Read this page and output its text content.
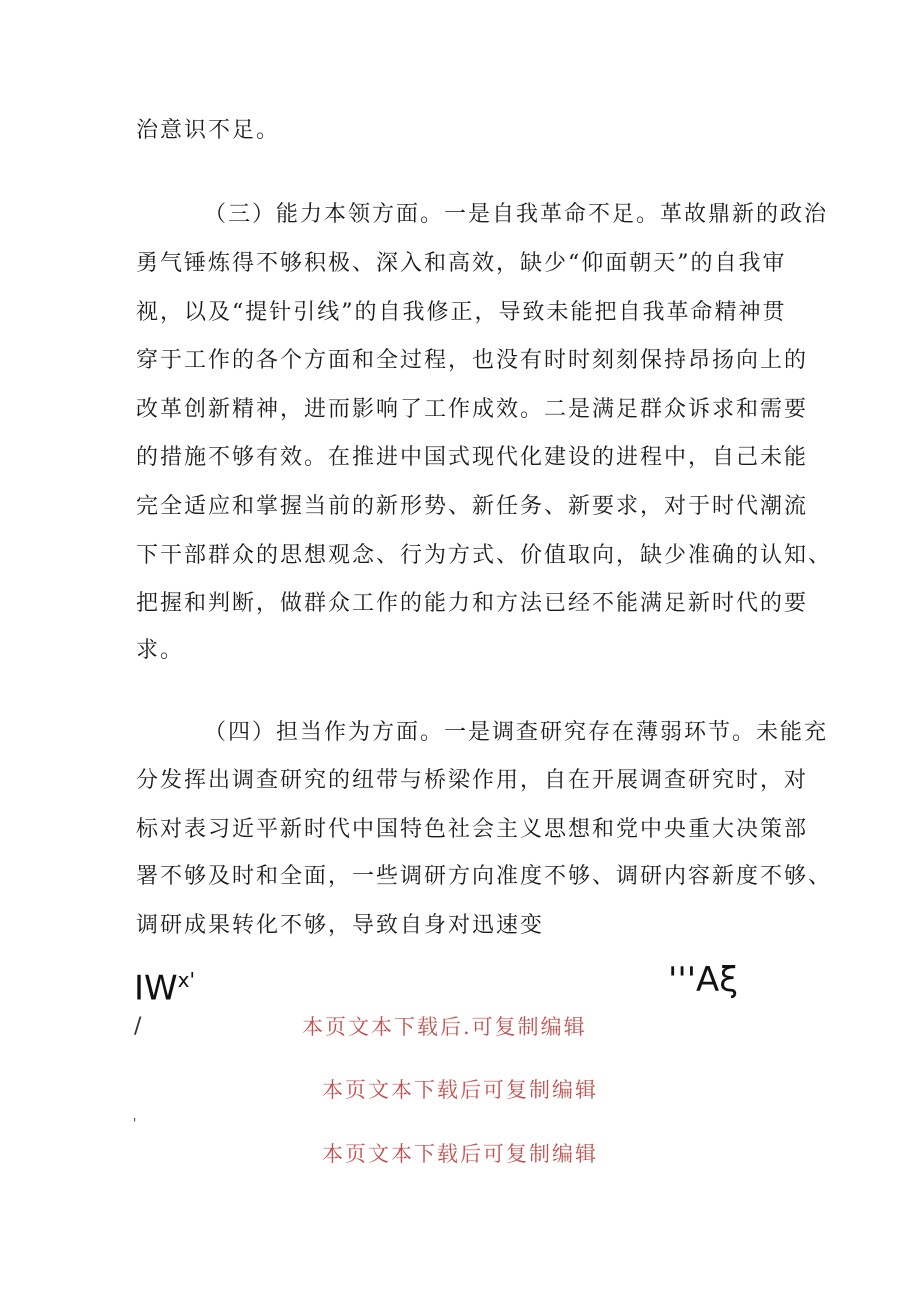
治意识不足。
（三）能力本领方面。一是自我革命不足。革故鼎新的政治
勇气锤炼得不够积极、深入和高效，缺少“仰面朝天”的自我审
视，以及“提针引线”的自我修正，导致未能把自我革命精神贯
穿于工作的各个方面和全过程，也没有时时刻刻保持昂扬向上的
改革创新精神，进而影响了工作成效。二是满足群众诉求和需要
的措施不够有效。在推进中国式现代化建设的进程中，自己未能
完全适应和掌握当前的新形势、新任务、新要求，对于时代潮流
下干部群众的思想观念、行为方式、价值取向，缺少准确的认知、
把握和判断，做群众工作的能力和方法已经不能满足新时代的要
求。
（四）担当作为方面。一是调查研究存在薄弱环节。未能充
分发挥出调查研究的纽带与桥梁作用，自在开展调查研究时，对
标对表习近平新时代中国特色社会主义思想和党中央重大决策部
署不够及时和全面，一些调研方向准度不够、调研内容新度不够、
调研成果转化不够，导致自身对迅速变
$IW^{x'}$	'''Aξ
/	本页文本下载后.可复制编辑
本页文本下载后可复制编辑
'
本页文本下载后可复制编辑
